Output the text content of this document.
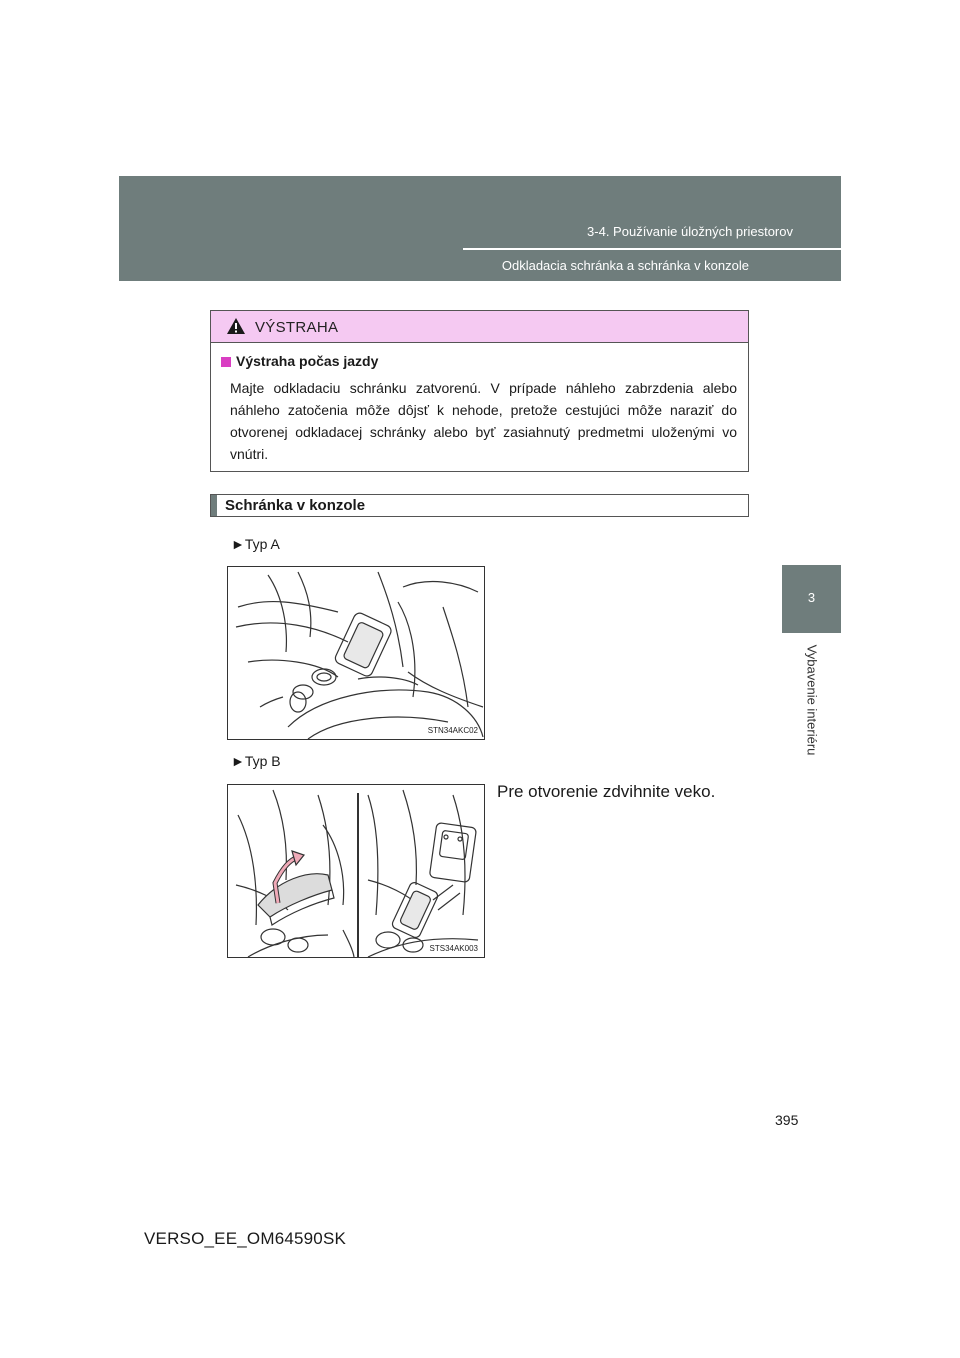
3-4. Používanie úložných priestorov
Odkladacia schránka a schránka v konzole
3
Vybavenie interiéru
VÝSTRAHA
Výstraha počas jazdy

Majte odkladaciu schránku zatvorenú. V prípade náhleho zabrzdenia alebo náhleho zatočenia môže dôjsť k nehode, pretože cestujúci môže naraziť do otvorenej odkladacej schránky alebo byť zasiahnutý predmetmi uloženými vo vnútri.

Schránka v konzole
►Typ A
STN34AKC02
►Typ B
Pre otvorenie zdvihnite veko.
STS34AK003
395
VERSO_EE_OM64590SK
